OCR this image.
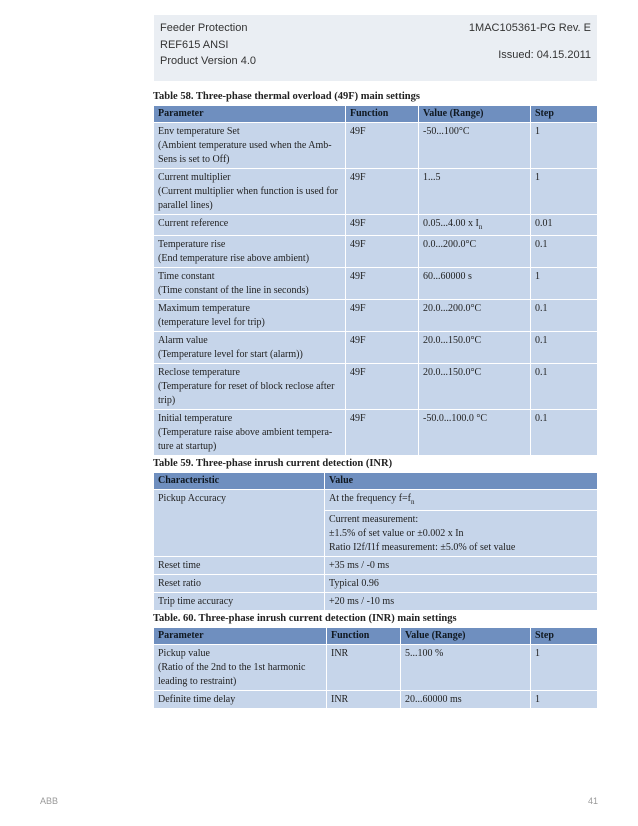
Feeder Protection
REF615 ANSI
Product Version 4.0
1MAC105361-PG Rev. E
Issued: 04.15.2011
Table 58. Three-phase thermal overload (49F) main settings
Parameter	Function	Value (Range)	Step

Env temperature Set
(Ambient temperature used when the Amb-Sens is set to Off)	49F	-50...100°C	1

Current multiplier
(Current multiplier when function is used for parallel lines)	49F	1...5	1

Current reference	49F	0.05...4.00 x $I_n$	0.01

Temperature rise
(End temperature rise above ambient)	49F	0.0...200.0°C	0.1

Time constant
(Time constant of the line in seconds)	49F	60...60000 s	1

Maximum temperature
(temperature level for trip)	49F	20.0...200.0°C	0.1

Alarm value
(Temperature level for start (alarm))	49F	20.0...150.0°C	0.1

Reclose temperature
(Temperature for reset of block reclose after trip)	49F	20.0...150.0°C	0.1

Initial temperature
(Temperature raise above ambient tempera-ture at startup)	49F	-50.0...100.0 °C	0.1
Table 59. Three-phase inrush current detection (INR)
Characteristic	Value
Pickup Accuracy	At the frequency $f=f_n$

	Current measurement:
±1.5% of set value or ±0.002 x In
Ratio I2f/I1f measurement: ±5.0% of set value

Reset time	+35 ms / -0 ms
Reset ratio	Typical 0.96
Trip time accuracy	+20 ms / -10 ms
Table. 60. Three-phase inrush current detection (INR) main settings
Parameter	Function	Value (Range)	Step

Pickup value
(Ratio of the 2nd to the 1st harmonic leading to restraint)	INR	5...100 %	1

Definite time delay	INR	20...60000 ms	1
ABB	41
